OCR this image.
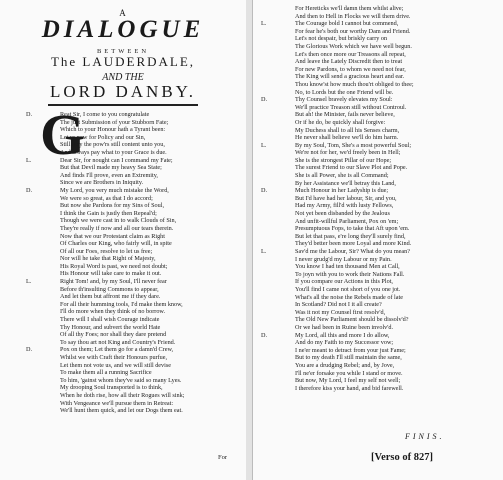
A
DIALOGUE
BETWEEN
The LAUDERDALE,
AND THE
LORD DANBY.
G
D.	Reat Sir, I come to you congratulate
The just Submission of your Stubborn Fate;
Which to your Honour hath a Tyrant been:
Let us now for Policy and our Sin,
Still may the pow'rs still content unto you,
And always pay what to your Grace is due.
L.	Dear Sir, for nought can I command my Fate;
But that Devil made my heavy Sea State;
And finds I'll prove, even an Extremity,
Since we are Brothers in Iniquity.
D.	My Lord, you very much mistake the Word,
We were so great, as that I do accord;
But now she Pardons for my Sins of Soul,
I think the Gain is justly then Repeal'd;
Though we were cast in to walk Clouds of Sin,
They're really if now and all our tears therein.
Now that we our Protestant claim as Right
Of Charles our King, who fairly will, in spite
Of all our Foes, resolve to let us free;
Nor will he take that Right of Majesty,
His Royal Word is past, we need not doubt;
His Honour will take care to make it out.
L.	Right Tom! and, by my Soul, I'll never fear
Before th'insulting Commons to appear,
And let them but affront me if they dare.
For all their humming tools, I'd make them know,
I'll do more when they think of no borrow.
There will I shall wish Courage indicate
Thy Honour, and subvert the world Hate
Of all thy Foes; nor shall they dare pretend
To say thou art not King and Country's Friend.
D.	Pox on them; Let them go for a damn'd Crew,
Whilst we with Craft their Honours purfue,
Let them not vote us, and we will still devise
To make them all a running Sacrifice
To him, 'gainst whom they've said so many Lyes.
My drooping Soul transported is to think,
When he doth rise, how all their Rogues will sink;
With Vengeance we'll pursue them in Retreat:
We'll hunt them quick, and let our Dogs them eat.
For
For Hereticks we'll damn them whilst alive;
And then to Hell in Flocks we will them drive.
L.	The Courage bold I cannot but commend,
For fear he's both our worthy Dam and Friend.
Let's not despair, but briskly carry on
The Glorious Work which we have well begun.
Let's then once more our Treasons all repeat,
And leave the Lately Discredit then to treat
For new Pardons, to whom we need not fear,
The King will send a gracious heart and ear.
Thou know'st how much thou'rt obliged to thee;
No, to Lords but the one Friend will be.
D.	Thy Counsel bravely elevates my Soul:
We'll practice Treason still without Controul.
But ah! the Minister, fails never believe,
Or if he do, be quickly shall forgive:
My Duchess shall to all his Senses charm,
He never shall believe we'll do him harm.
L.	By my Soul, Tom, She's a most powerful Soul;
We're not for her, we'd freely been in Hell;
She is the strongest Pillar of our Hope;
The surest Friend to our Slave Plot and Pope.
She is all Power, she is all Command;
By her Assistance we'll betray this Land,
D.	Much Honour in her Ladyship is due;
But I'd have had her labour, Sir, and you,
Had my Army, fill'd with lusty Fellows,
Not yet been disbanded by the Jealous
And unfit-willful Parliament, Pox on 'em;
Presumptuous Fops, to take that Aft upon 'em.
But let that pass, e're long they'll surely find,
They'd better been more Loyal and more Kind.
L.	Sav'd me the Labour, Sir? What do you mean?
I never grudg'd my Labour or my Pain.
You know I had ten thousand Men at Call,
To joyn with you to work their Nations Fall.
If you compare our Actions in this Plot,
You'll find I came not short of you one jot.
What's all the noise the Rebels made of late
In Scotland? Did not I it all create?
Was it not my Counsel first resolv'd,
The Old New Parliament should be dissolv'd?
Or we had been in Ruine been involv'd.
D.	My Lord, all this and more I do allow,
And do my Faith to my Successor vow;
I ne'er meant to detract from your just Fame;
But to my death I'll still maintain the same,
You are a drudging Rebel; and, by Jove,
I'll ne'er forsake you while I stand or move.
But now, My Lord, I feel my self not well;
I therefore kiss your hand, and bid farewell.
FINIS.
[Verso of 827]
